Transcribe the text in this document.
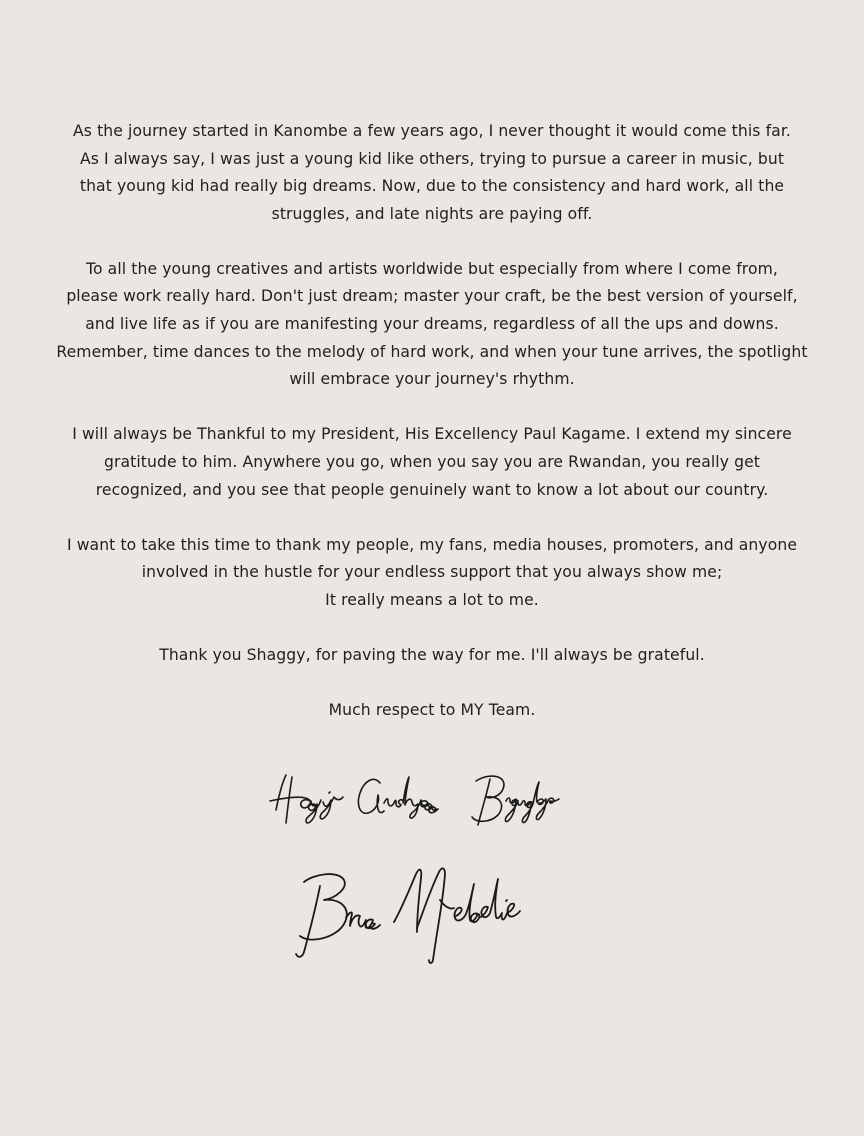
As the journey started in Kanombe a few years ago, I never thought it would come this far.
As I always say, I was just a young kid like others, trying to pursue a career in music, but
that young kid had really big dreams. Now, due to the consistency and hard work, all the
struggles, and late nights are paying off.
To all the young creatives and artists worldwide but especially from where I come from,
please work really hard. Don't just dream; master your craft, be the best version of yourself,
and live life as if you are manifesting your dreams, regardless of all the ups and downs.
Remember, time dances to the melody of hard work, and when your tune arrives, the spotlight
will embrace your journey's rhythm.
I will always be Thankful to my President, His Excellency Paul Kagame. I extend my sincere
gratitude to him. Anywhere you go, when you say you are Rwandan, you really get
recognized, and you see that people genuinely want to know a lot about our country.
I want to take this time to thank my people, my fans, media houses, promoters, and anyone
involved in the hustle for your endless support that you always show me;
It really means a lot to me.
Thank you Shaggy, for paving the way for me. I'll always be grateful.
Much respect to MY Team.
